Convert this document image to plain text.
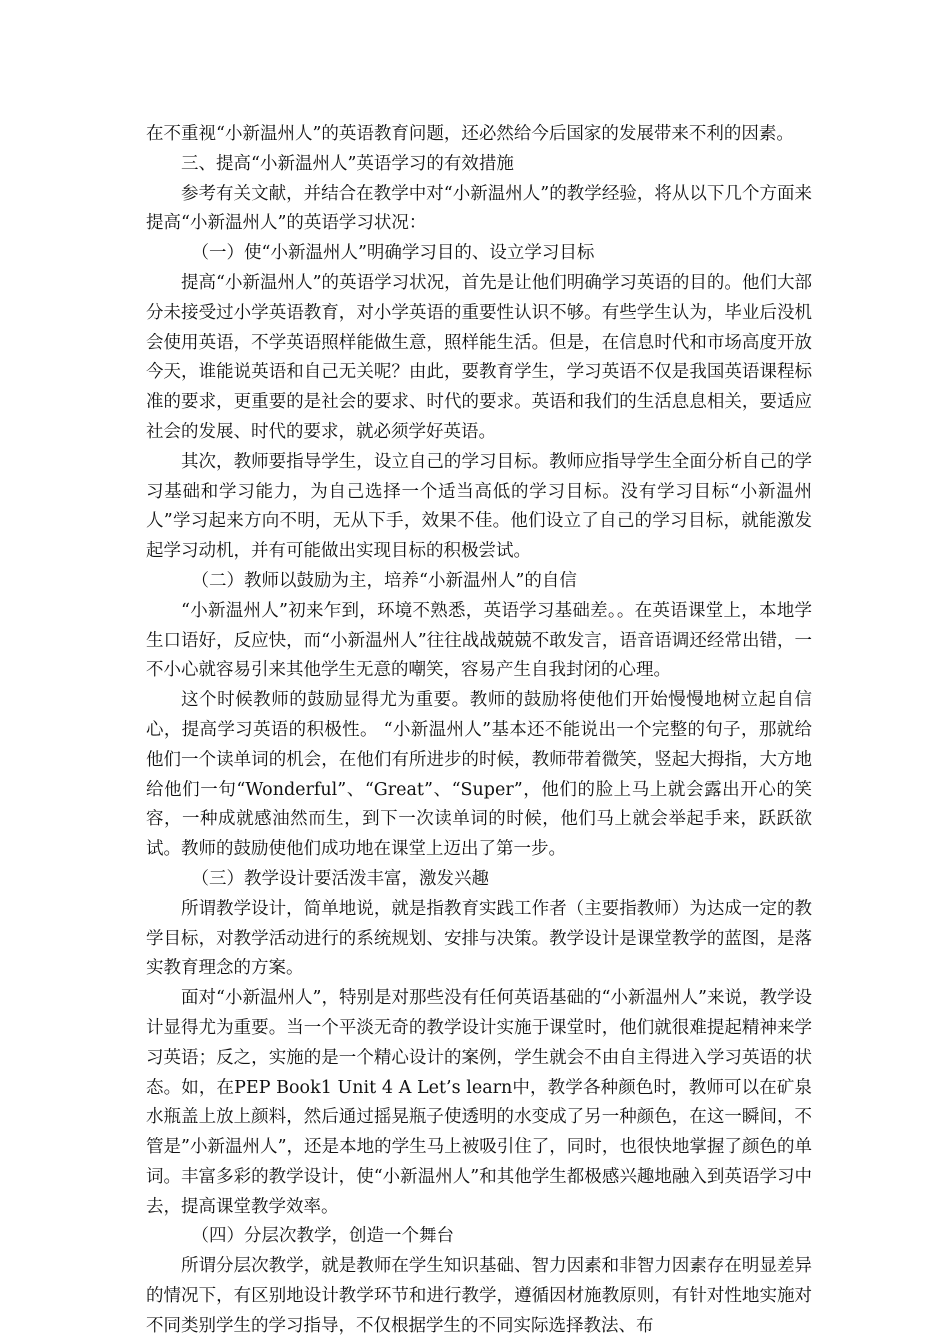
在不重视“小新温州人”的英语教育问题，还必然给今后国家的发展带来不利的因素。

三、提高“小新温州人”英语学习的有效措施

参考有关文献，并结合在教学中对“小新温州人”的教学经验，将从以下几个方面来提高“小新温州人”的英语学习状况：

（一）使“小新温州人”明确学习目的、设立学习目标

提高“小新温州人”的英语学习状况，首先是让他们明确学习英语的目的。他们大部分未接受过小学英语教育，对小学英语的重要性认识不够。有些学生认为，毕业后没机会使用英语，不学英语照样能做生意，照样能生活。但是，在信息时代和市场高度开放今天，谁能说英语和自己无关呢？由此，要教育学生，学习英语不仅是我国英语课程标准的要求，更重要的是社会的要求、时代的要求。英语和我们的生活息息相关，要适应社会的发展、时代的要求，就必须学好英语。

其次，教师要指导学生，设立自己的学习目标。教师应指导学生全面分析自己的学习基础和学习能力，为自己选择一个适当高低的学习目标。没有学习目标“小新温州人”学习起来方向不明，无从下手，效果不佳。他们设立了自己的学习目标，就能激发起学习动机，并有可能做出实现目标的积极尝试。

（二）教师以鼓励为主，培养“小新温州人”的自信

“小新温州人”初来乍到，环境不熟悉，英语学习基础差。。在英语课堂上，本地学生口语好，反应快，而“小新温州人”往往战战兢兢不敢发言，语音语调还经常出错，一不小心就容易引来其他学生无意的嘲笑，容易产生自我封闭的心理。

这个时候教师的鼓励显得尤为重要。教师的鼓励将使他们开始慢慢地树立起自信心，提高学习英语的积极性。 “小新温州人”基本还不能说出一个完整的句子，那就给他们一个读单词的机会，在他们有所进步的时候，教师带着微笑，竖起大拇指，大方地给他们一句“Wonderful”、“Great”、“Super”，他们的脸上马上就会露出开心的笑容，一种成就感油然而生，到下一次读单词的时候，他们马上就会举起手来，跃跃欲试。教师的鼓励使他们成功地在课堂上迈出了第一步。

（三）教学设计要活泼丰富，激发兴趣

所谓教学设计，简单地说，就是指教育实践工作者（主要指教师）为达成一定的教学目标，对教学活动进行的系统规划、安排与决策。教学设计是课堂教学的蓝图，是落实教育理念的方案。

面对“小新温州人”，特别是对那些没有任何英语基础的“小新温州人”来说，教学设计显得尤为重要。当一个平淡无奇的教学设计实施于课堂时，他们就很难提起精神来学习英语；反之，实施的是一个精心设计的案例，学生就会不由自主得进入学习英语的状态。如，在PEP Book1 Unit 4 A Let’s learn中，教学各种颜色时，教师可以在矿泉水瓶盖上放上颜料，然后通过摇晃瓶子使透明的水变成了另一种颜色，在这一瞬间，不管是”小新温州人”，还是本地的学生马上被吸引住了，同时，也很快地掌握了颜色的单词。丰富多彩的教学设计，使“小新温州人”和其他学生都极感兴趣地融入到英语学习中去，提高课堂教学效率。

（四）分层次教学，创造一个舞台

所谓分层次教学，就是教师在学生知识基础、智力因素和非智力因素存在明显差异的情况下，有区别地设计教学环节和进行教学，遵循因材施教原则，有针对性地实施对不同类别学生的学习指导，不仅根据学生的不同实际选择教法、布
